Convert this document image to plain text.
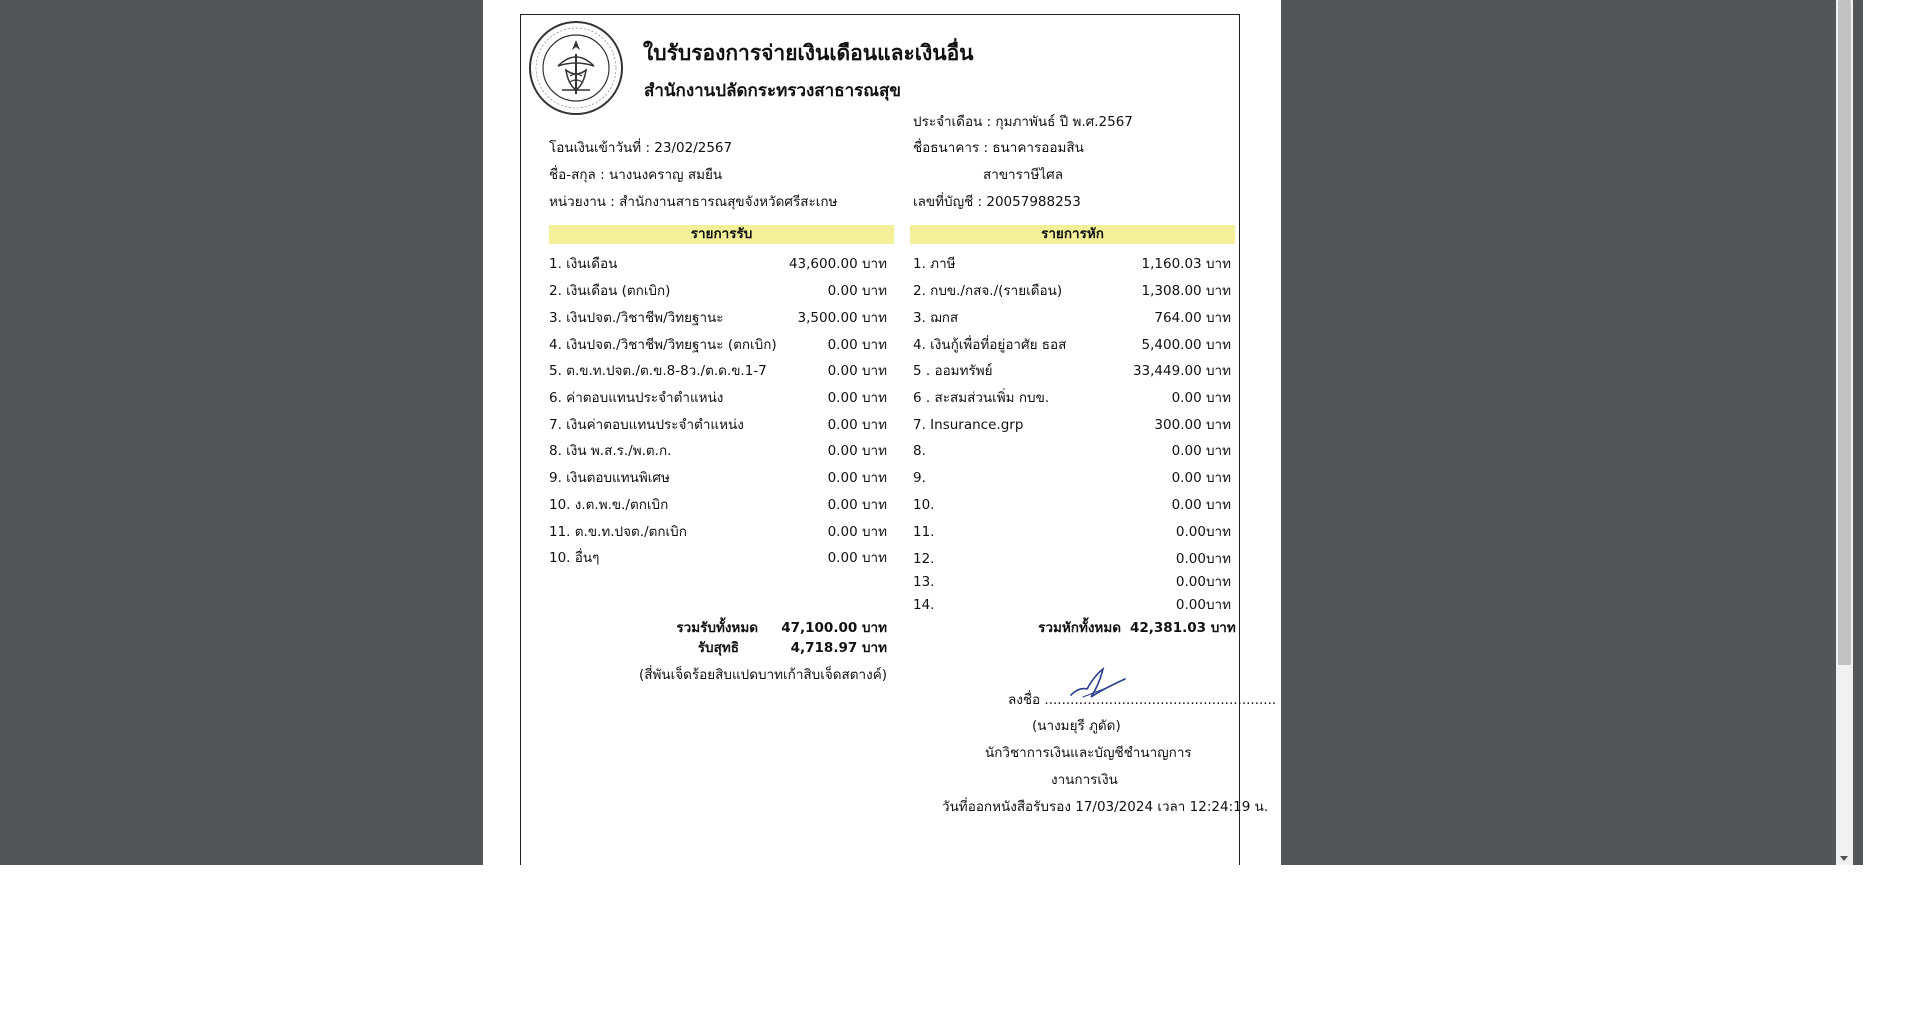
ใบรับรองการจ่ายเงินเดือนและเงินอื่น
สำนักงานปลัดกระทรวงสาธารณสุข
ประจำเดือน : กุมภาพันธ์ ปี พ.ศ.2567
โอนเงินเข้าวันที่ : 23/02/2567	ชื่อธนาคาร : ธนาคารออมสิน
ชื่อ-สกุล : นางนงคราญ สมยืน	สาขาราษีไศล
หน่วยงาน : สำนักงานสาธารณสุขจังหวัดศรีสะเกษ	เลขที่บัญชี : 20057988253
รายการรับ	รายการหัก
1. เงินเดือน	43,600.00 บาท
2. เงินเดือน (ตกเบิก)	0.00 บาท
3. เงินปจต./วิชาชีพ/วิทยฐานะ	3,500.00 บาท
4. เงินปจต./วิชาชีพ/วิทยฐานะ (ตกเบิก)	0.00 บาท
5. ต.ข.ท.ปจต./ต.ข.8-8ว./ต.ด.ข.1-7	0.00 บาท
6. ค่าตอบแทนประจำตำแหน่ง	0.00 บาท
7. เงินค่าตอบแทนประจำตำแหน่ง	0.00 บาท
8. เงิน พ.ส.ร./พ.ต.ก.	0.00 บาท
9. เงินตอบแทนพิเศษ	0.00 บาท
10. ง.ต.พ.ข./ตกเบิก	0.00 บาท
11. ต.ข.ท.ปจต./ตกเบิก	0.00 บาท
10. อื่นๆ	0.00 บาท
1. ภาษี	1,160.03 บาท
2. กบข./กสจ./(รายเดือน)	1,308.00 บาท
3. ฌกส	764.00 บาท
4. เงินกู้เพื่อที่อยู่อาศัย ธอส	5,400.00 บาท
5 . ออมทรัพย์	33,449.00 บาท
6 . สะสมส่วนเพิ่ม กบข.	0.00 บาท
7. Insurance.grp	300.00 บาท
8.	0.00 บาท
9.	0.00 บาท
10.	0.00 บาท
11.	0.00บาท
12.	0.00บาท
13.	0.00บาท
14.	0.00บาท
รวมรับทั้งหมด	47,100.00 บาท
รับสุทธิ	4,718.97 บาท
(สี่พันเจ็ดร้อยสิบแปดบาทเก้าสิบเจ็ดสตางค์)
รวมหักทั้งหมด 42,381.03 บาท
ลงชื่อ ......................................................
(นางมยุรี ภูดัด)
นักวิชาการเงินและบัญชีชำนาญการ
งานการเงิน
วันที่ออกหนังสือรับรอง 17/03/2024 เวลา 12:24:19 น.
